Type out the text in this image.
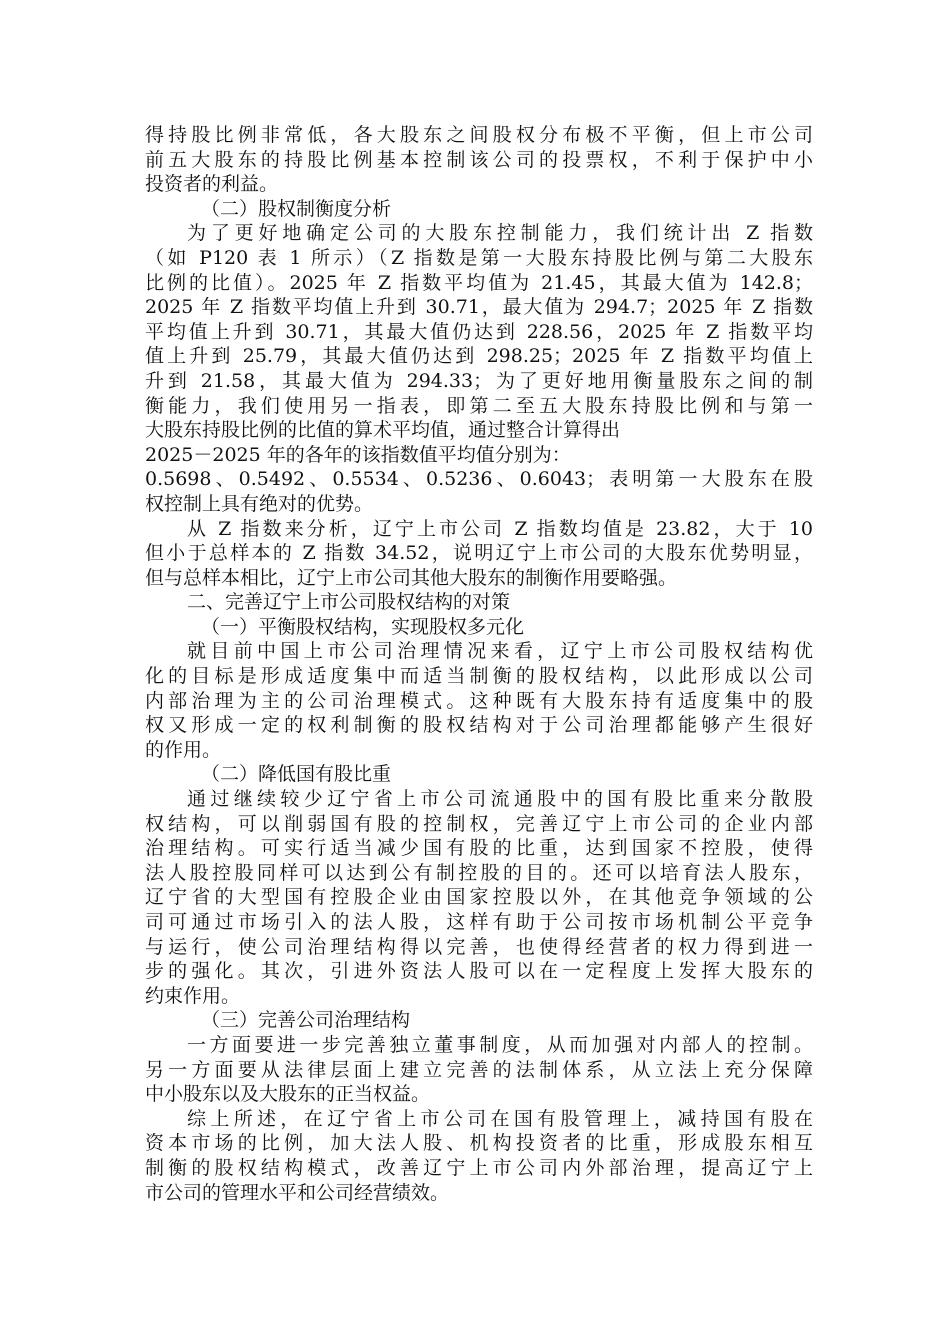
得持股比例非常低，各大股东之间股权分布极不平衡，但上市公司
前五大股东的持股比例基本控制该公司的投票权，不利于保护中小
投资者的利益。
（二）股权制衡度分析
为了更好地确定公司的大股东控制能力，我们统计出 Z 指数
（如 P120 表 1 所示）（Z 指数是第一大股东持股比例与第二大股东
比例的比值）。2025 年 Z 指数平均值为 21.45，其最大值为 142.8；
2025 年 Z 指数平均值上升到 30.71，最大值为 294.7；2025 年 Z 指数
平均值上升到 30.71，其最大值仍达到 228.56，2025 年 Z 指数平均
值上升到 25.79，其最大值仍达到 298.25；2025 年 Z 指数平均值上
升到 21.58，其最大值为 294.33；为了更好地用衡量股东之间的制
衡能力，我们使用另一指表，即第二至五大股东持股比例和与第一
大股东持股比例的比值的算术平均值，通过整合计算得出
2025－2025 年的各年的该指数值平均值分别为：
0.5698、0.5492、0.5534、0.5236、0.6043；表明第一大股东在股
权控制上具有绝对的优势。
从 Z 指数来分析，辽宁上市公司 Z 指数均值是 23.82，大于 10
但小于总样本的 Z 指数 34.52，说明辽宁上市公司的大股东优势明显，
但与总样本相比，辽宁上市公司其他大股东的制衡作用要略强。
二、完善辽宁上市公司股权结构的对策
（一）平衡股权结构，实现股权多元化
就目前中国上市公司治理情况来看，辽宁上市公司股权结构优
化的目标是形成适度集中而适当制衡的股权结构，以此形成以公司
内部治理为主的公司治理模式。这种既有大股东持有适度集中的股
权又形成一定的权利制衡的股权结构对于公司治理都能够产生很好
的作用。
（二）降低国有股比重
通过继续较少辽宁省上市公司流通股中的国有股比重来分散股
权结构，可以削弱国有股的控制权，完善辽宁上市公司的企业内部
治理结构。可实行适当减少国有股的比重，达到国家不控股，使得
法人股控股同样可以达到公有制控股的目的。还可以培育法人股东，
辽宁省的大型国有控股企业由国家控股以外，在其他竞争领域的公
司可通过市场引入的法人股，这样有助于公司按市场机制公平竞争
与运行，使公司治理结构得以完善，也使得经营者的权力得到进一
步的强化。其次，引进外资法人股可以在一定程度上发挥大股东的
约束作用。
（三）完善公司治理结构
一方面要进一步完善独立董事制度，从而加强对内部人的控制。
另一方面要从法律层面上建立完善的法制体系，从立法上充分保障
中小股东以及大股东的正当权益。
综上所述，在辽宁省上市公司在国有股管理上，减持国有股在
资本市场的比例，加大法人股、机构投资者的比重，形成股东相互
制衡的股权结构模式，改善辽宁上市公司内外部治理，提高辽宁上
市公司的管理水平和公司经营绩效。
